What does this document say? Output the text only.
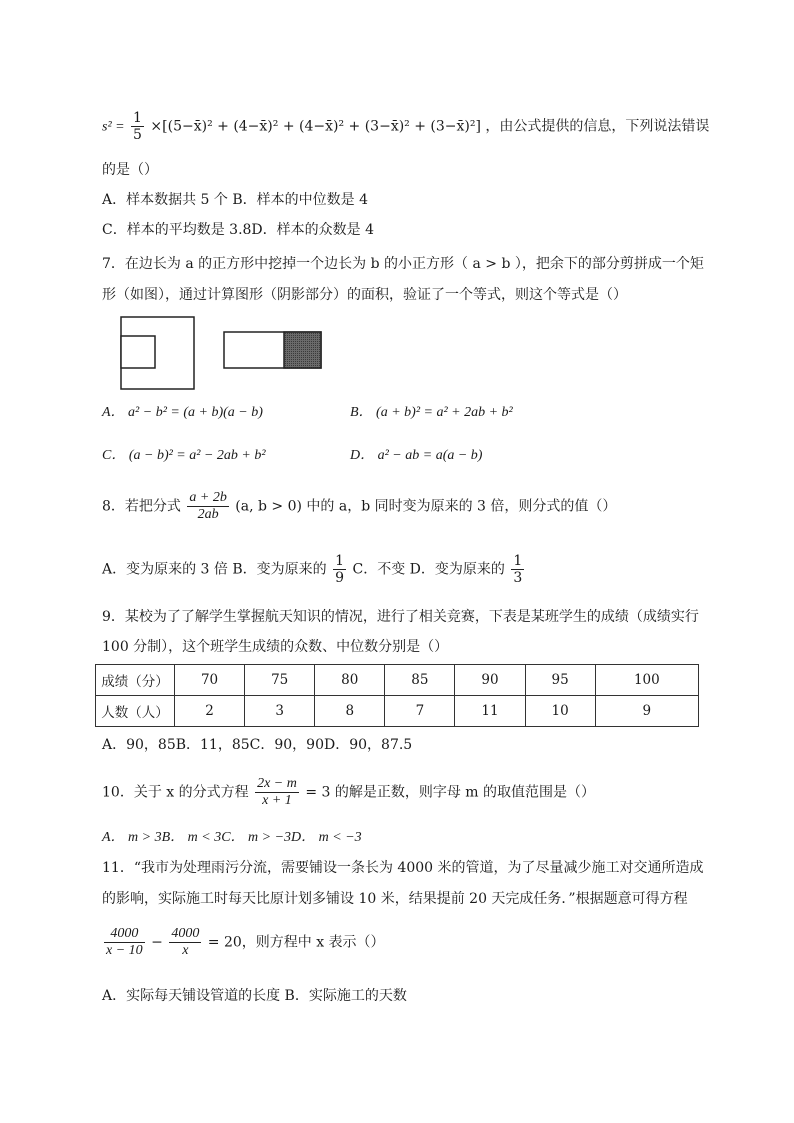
$s^2 = \frac{1}{5}$ ×[(5−x̄)² + (4−x̄)² + (4−x̄)² + (3−x̄)² + (3−x̄)²] ，由公式提供的信息，下列说法错误
的是（）
A．样本数据共 5 个 B．样本的中位数是 4
C．样本的平均数是 3.8D．样本的众数是 4
7．在边长为 a 的正方形中挖掉一个边长为 b 的小正方形（ a > b ），把余下的部分剪拼成一个矩
形（如图），通过计算图形（阴影部分）的面积，验证了一个等式，则这个等式是（）
A． a² − b² = (a + b)(a − b)	B． (a + b)² = a² + 2ab + b²
C． (a − b)² = a² − 2ab + b²	D． a² − ab = a(a − b)
8．若把分式 $\frac{a + 2b}{2ab} (a$, b > 0) 中的 a，b 同时变为原来的 3 倍，则分式的值（）
A．变为原来的 3 倍 B．变为原来的 $\frac{1}{9}$ C．不变 D．变为原来的 $\frac{1}{3}$
9．某校为了了解学生掌握航天知识的情况，进行了相关竞赛，下表是某班学生的成绩（成绩实行
100 分制），这个班学生成绩的众数、中位数分别是（）
成绩（分）	70	75	80	85	90	95	100
人数（人）	2	3	8	7	11	10	9
A．90，85B．11，85C．90，90D．90，87.5
10．关于 x 的分式方程 $\frac{2x - m}{x + 1} = 3$ 的解是正数，则字母 m 的取值范围是（）
A． m > 3B． m < 3C． m > −3D． m < −3
11．“我市为处理雨污分流，需要铺设一条长为 4000 米的管道，为了尽量减少施工对交通所造成
的影响，实际施工时每天比原计划多铺设 10 米，结果提前 20 天完成任务．”根据题意可得方程
$\frac{4000}{x - 10} - \frac{4000}{x} = 20$，则方程中 x 表示（）
A．实际每天铺设管道的长度 B．实际施工的天数
